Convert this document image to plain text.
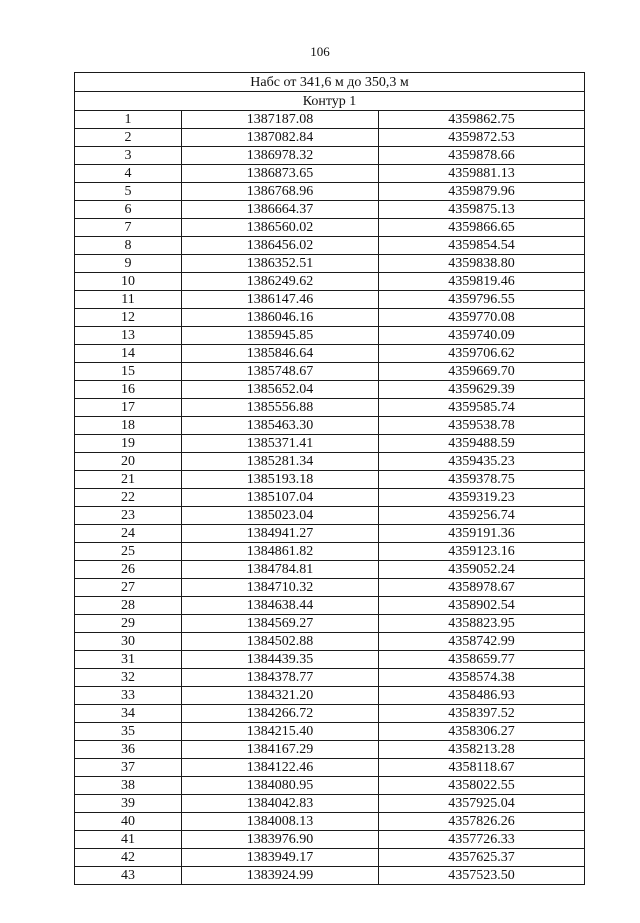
106
Набс от 341,6 м до 350,3 м		
Контур 1		
1	1387187.08	4359862.75
2	1387082.84	4359872.53
3	1386978.32	4359878.66
4	1386873.65	4359881.13
5	1386768.96	4359879.96
6	1386664.37	4359875.13
7	1386560.02	4359866.65
8	1386456.02	4359854.54
9	1386352.51	4359838.80
10	1386249.62	4359819.46
11	1386147.46	4359796.55
12	1386046.16	4359770.08
13	1385945.85	4359740.09
14	1385846.64	4359706.62
15	1385748.67	4359669.70
16	1385652.04	4359629.39
17	1385556.88	4359585.74
18	1385463.30	4359538.78
19	1385371.41	4359488.59
20	1385281.34	4359435.23
21	1385193.18	4359378.75
22	1385107.04	4359319.23
23	1385023.04	4359256.74
24	1384941.27	4359191.36
25	1384861.82	4359123.16
26	1384784.81	4359052.24
27	1384710.32	4358978.67
28	1384638.44	4358902.54
29	1384569.27	4358823.95
30	1384502.88	4358742.99
31	1384439.35	4358659.77
32	1384378.77	4358574.38
33	1384321.20	4358486.93
34	1384266.72	4358397.52
35	1384215.40	4358306.27
36	1384167.29	4358213.28
37	1384122.46	4358118.67
38	1384080.95	4358022.55
39	1384042.83	4357925.04
40	1384008.13	4357826.26
41	1383976.90	4357726.33
42	1383949.17	4357625.37
43	1383924.99	4357523.50
